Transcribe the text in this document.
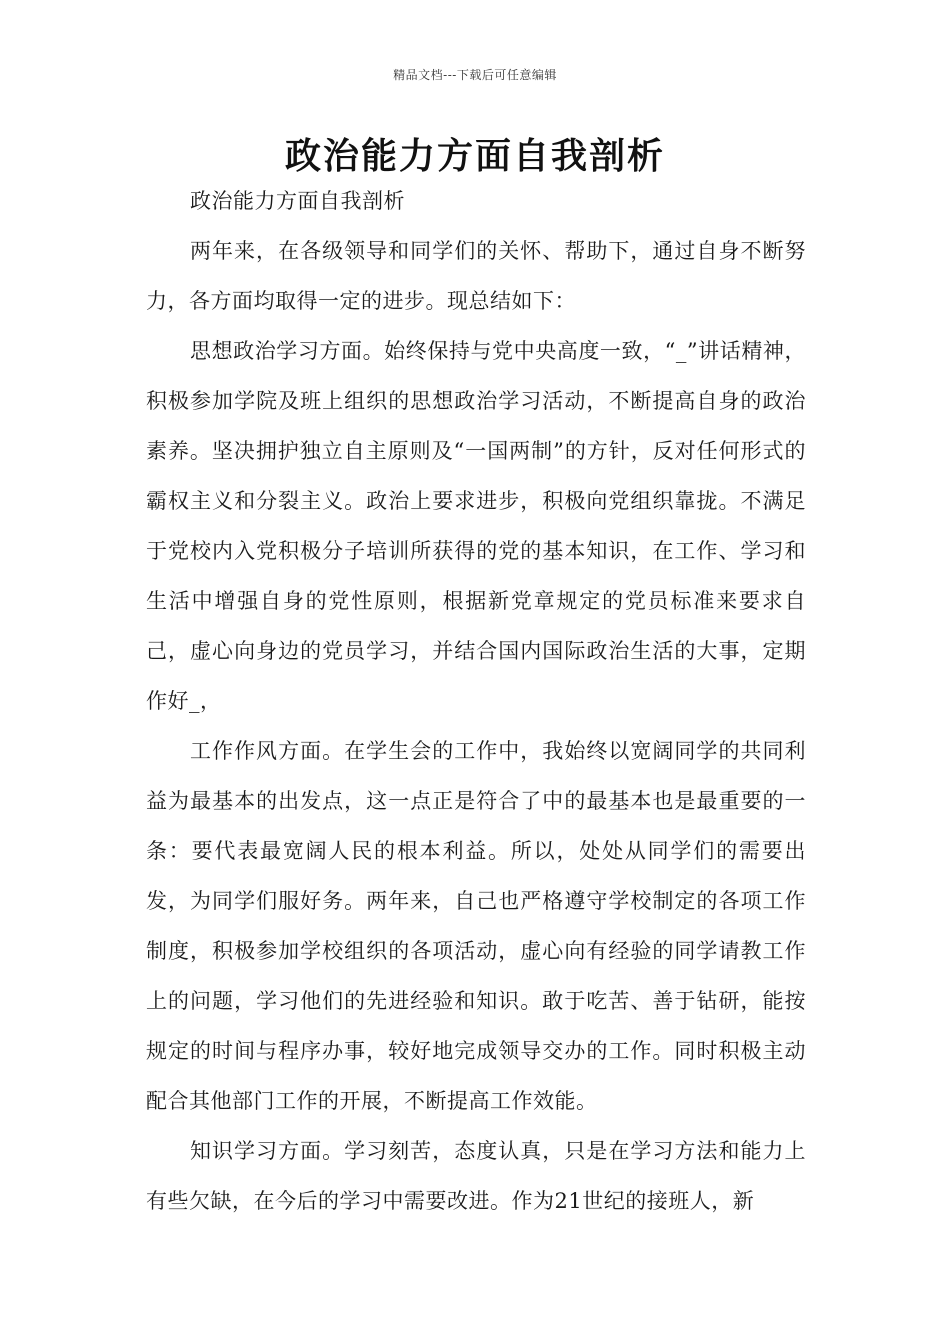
精品文档---下载后可任意编辑
政治能力方面自我剖析

政治能力方面自我剖析

两年来，在各级领导和同学们的关怀、帮助下，通过自身不断努力，各方面均取得一定的进步。现总结如下：

思想政治学习方面。始终保持与党中央高度一致，“_”讲话精神，积极参加学院及班上组织的思想政治学习活动，不断提高自身的政治素养。坚决拥护独立自主原则及“一国两制”的方针，反对任何形式的霸权主义和分裂主义。政治上要求进步，积极向党组织靠拢。不满足于党校内入党积极分子培训所获得的党的基本知识，在工作、学习和生活中增强自身的党性原则，根据新党章规定的党员标准来要求自己，虚心向身边的党员学习，并结合国内国际政治生活的大事，定期作好_，

工作作风方面。在学生会的工作中，我始终以宽阔同学的共同利益为最基本的出发点，这一点正是符合了中的最基本也是最重要的一条：要代表最宽阔人民的根本利益。所以，处处从同学们的需要出发，为同学们服好务。两年来，自己也严格遵守学校制定的各项工作制度，积极参加学校组织的各项活动，虚心向有经验的同学请教工作上的问题，学习他们的先进经验和知识。敢于吃苦、善于钻研，能按规定的时间与程序办事，较好地完成领导交办的工作。同时积极主动配合其他部门工作的开展，不断提高工作效能。

知识学习方面。学习刻苦，态度认真，只是在学习方法和能力上有些欠缺，在今后的学习中需要改进。作为21世纪的接班人，新
